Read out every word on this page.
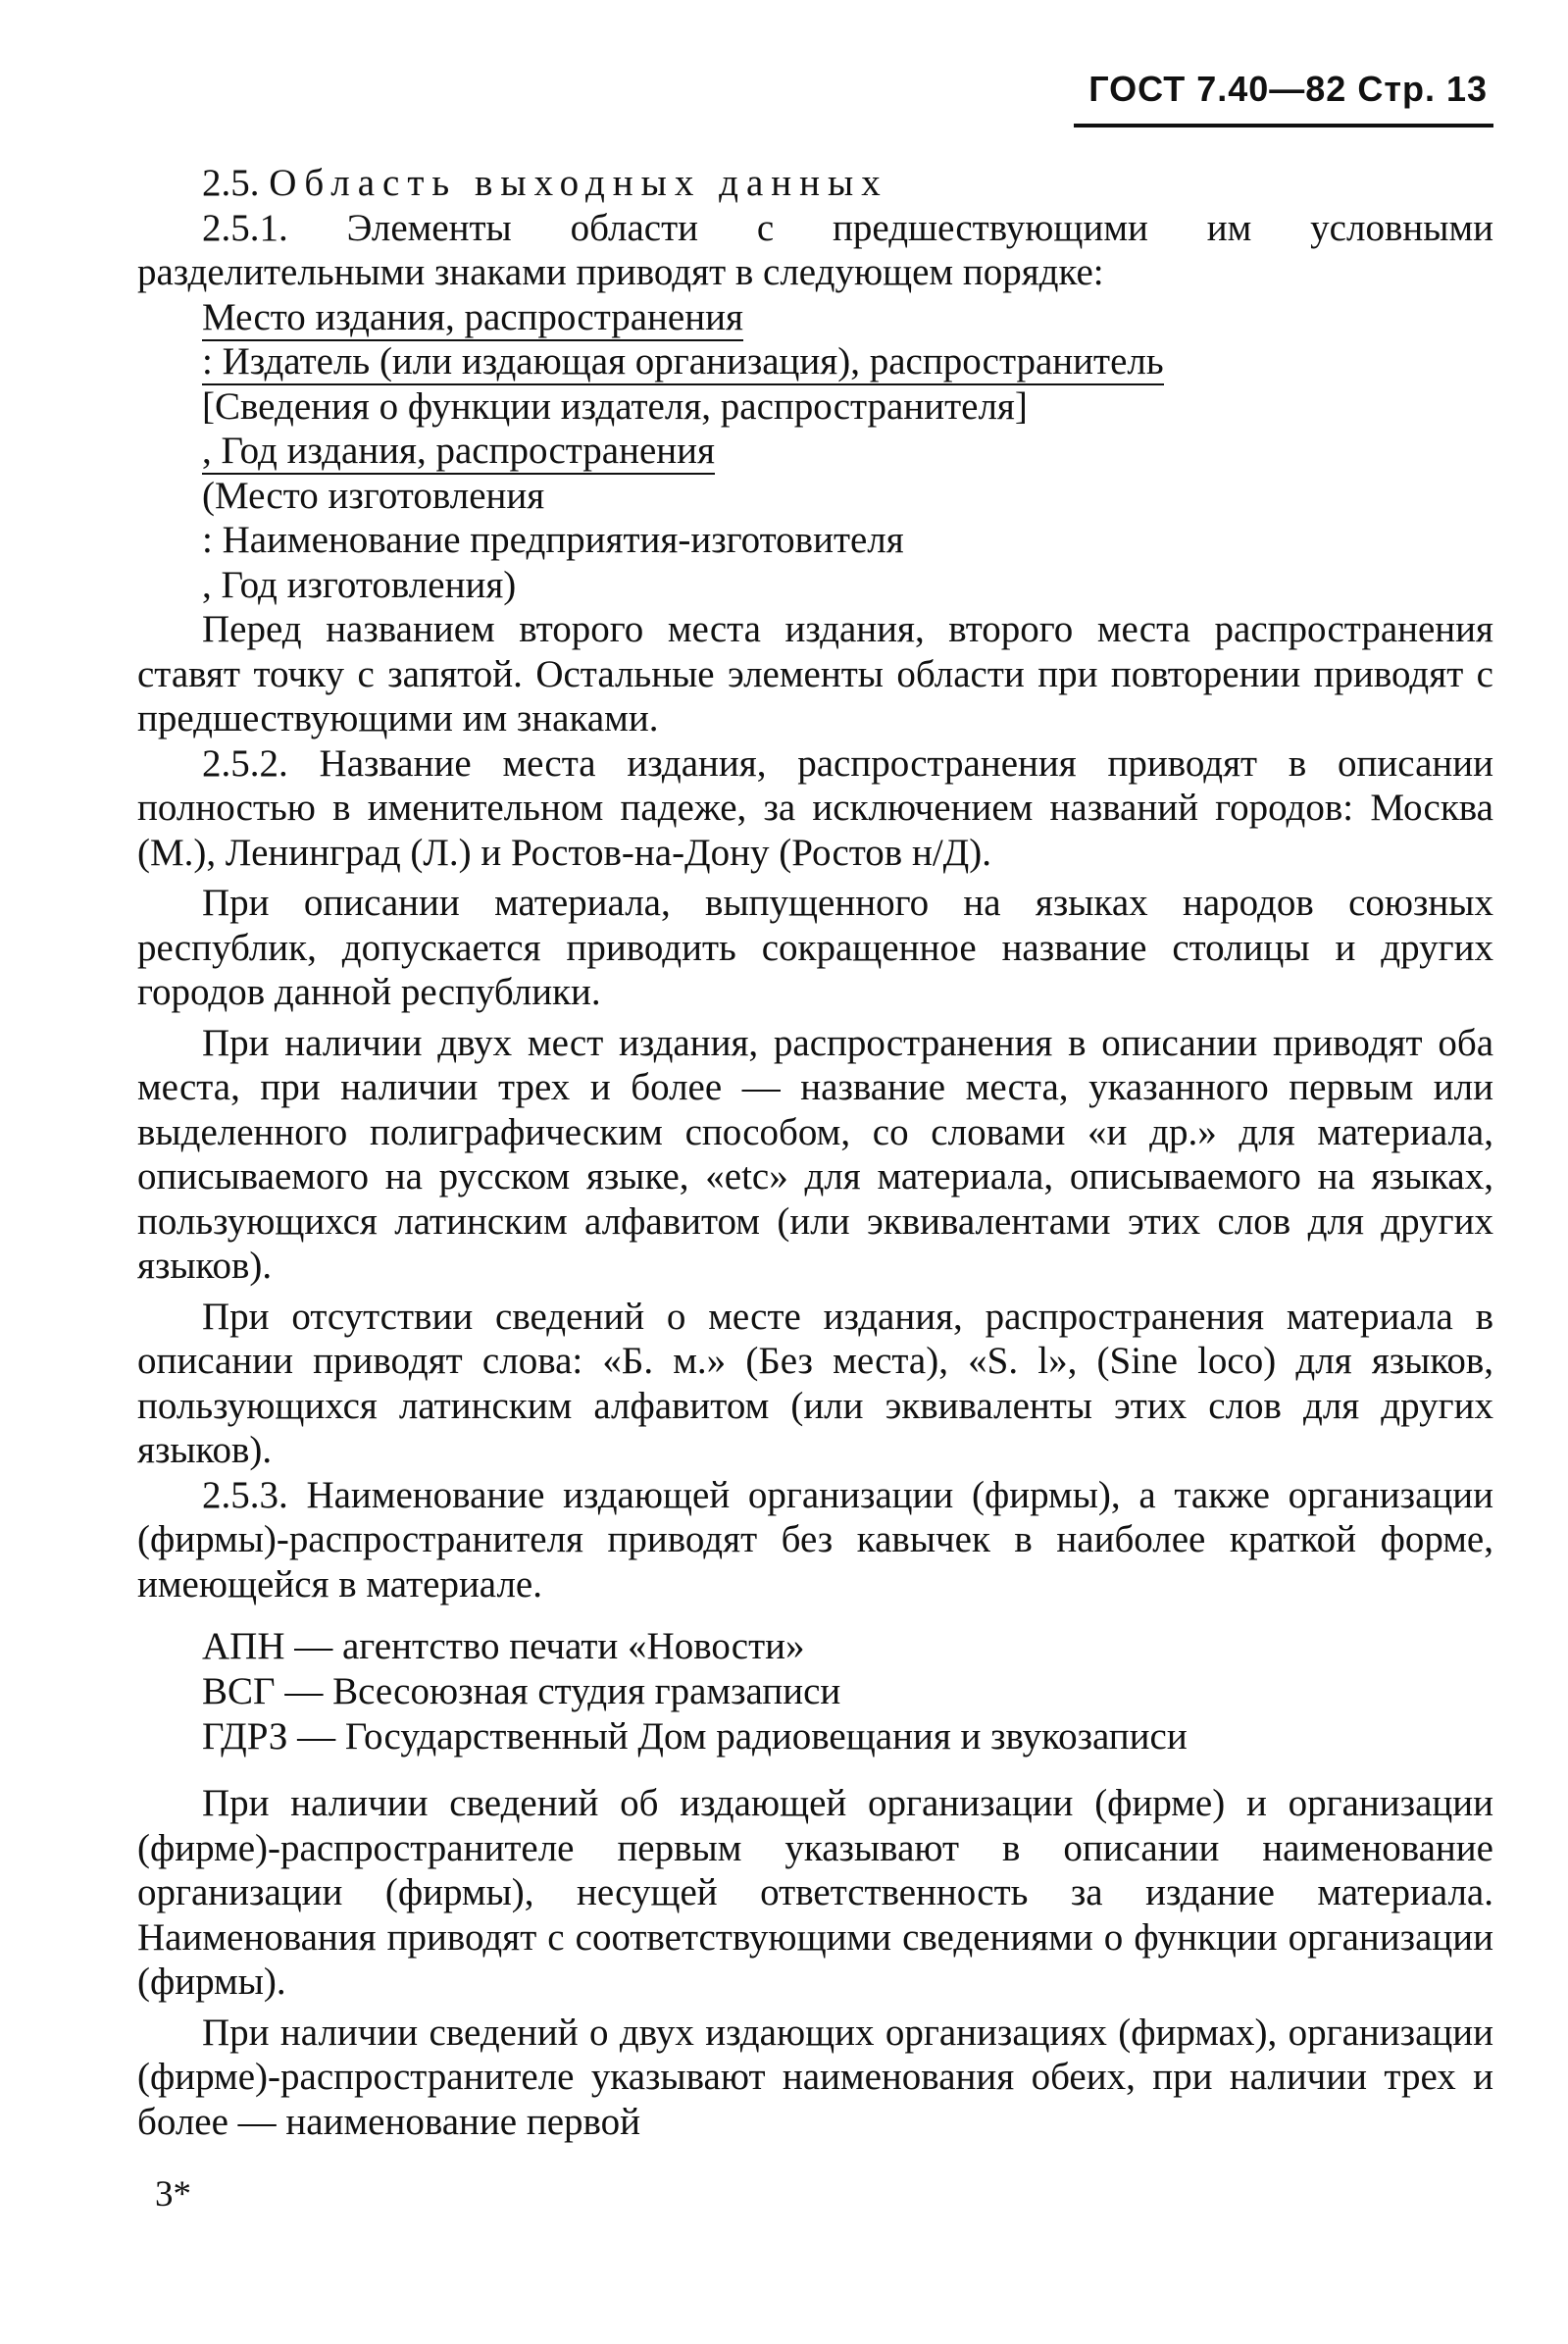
ГОСТ 7.40—82 Стр. 13

2.5. Область выходных данных

2.5.1. Элементы области с предшествующими им условными разделительными знаками приводят в следующем порядке:

Место издания, распространения
: Издатель (или издающая организация), распространитель
[Сведения о функции издателя, распространителя]
, Год издания, распространения
(Место изготовления
: Наименование предприятия-изготовителя
, Год изготовления)

Перед названием второго места издания, второго места распространения ставят точку с запятой. Остальные элементы области при повторении приводят с предшествующими им знаками.

2.5.2. Название места издания, распространения приводят в описании полностью в именительном падеже, за исключением названий городов: Москва (М.), Ленинград (Л.) и Ростов-на-Дону (Ростов н/Д).

При описании материала, выпущенного на языках народов союзных республик, допускается приводить сокращенное название столицы и других городов данной республики.

При наличии двух мест издания, распространения в описании приводят оба места, при наличии трех и более — название места, указанного первым или выделенного полиграфическим способом, со словами «и др.» для материала, описываемого на русском языке, «etc» для материала, описываемого на языках, пользующихся латинским алфавитом (или эквивалентами этих слов для других языков).

При отсутствии сведений о месте издания, распространения материала в описании приводят слова: «Б. м.» (Без места), «S. l», (Sine loco) для языков, пользующихся латинским алфавитом (или эквиваленты этих слов для других языков).

2.5.3. Наименование издающей организации (фирмы), а также организации (фирмы)-распространителя приводят без кавычек в наиболее краткой форме, имеющейся в материале.

АПН — агентство печати «Новости»
ВСГ — Всесоюзная студия грамзаписи
ГДРЗ — Государственный Дом радиовещания и звукозаписи

При наличии сведений об издающей организации (фирме) и организации (фирме)-распространителе первым указывают в описании наименование организации (фирмы), несущей ответственность за издание материала. Наименования приводят с соответствующими сведениями о функции организации (фирмы).

При наличии сведений о двух издающих организациях (фирмах), организации (фирме)-распространителе указывают наименования обеих, при наличии трех и более — наименование первой

3*
